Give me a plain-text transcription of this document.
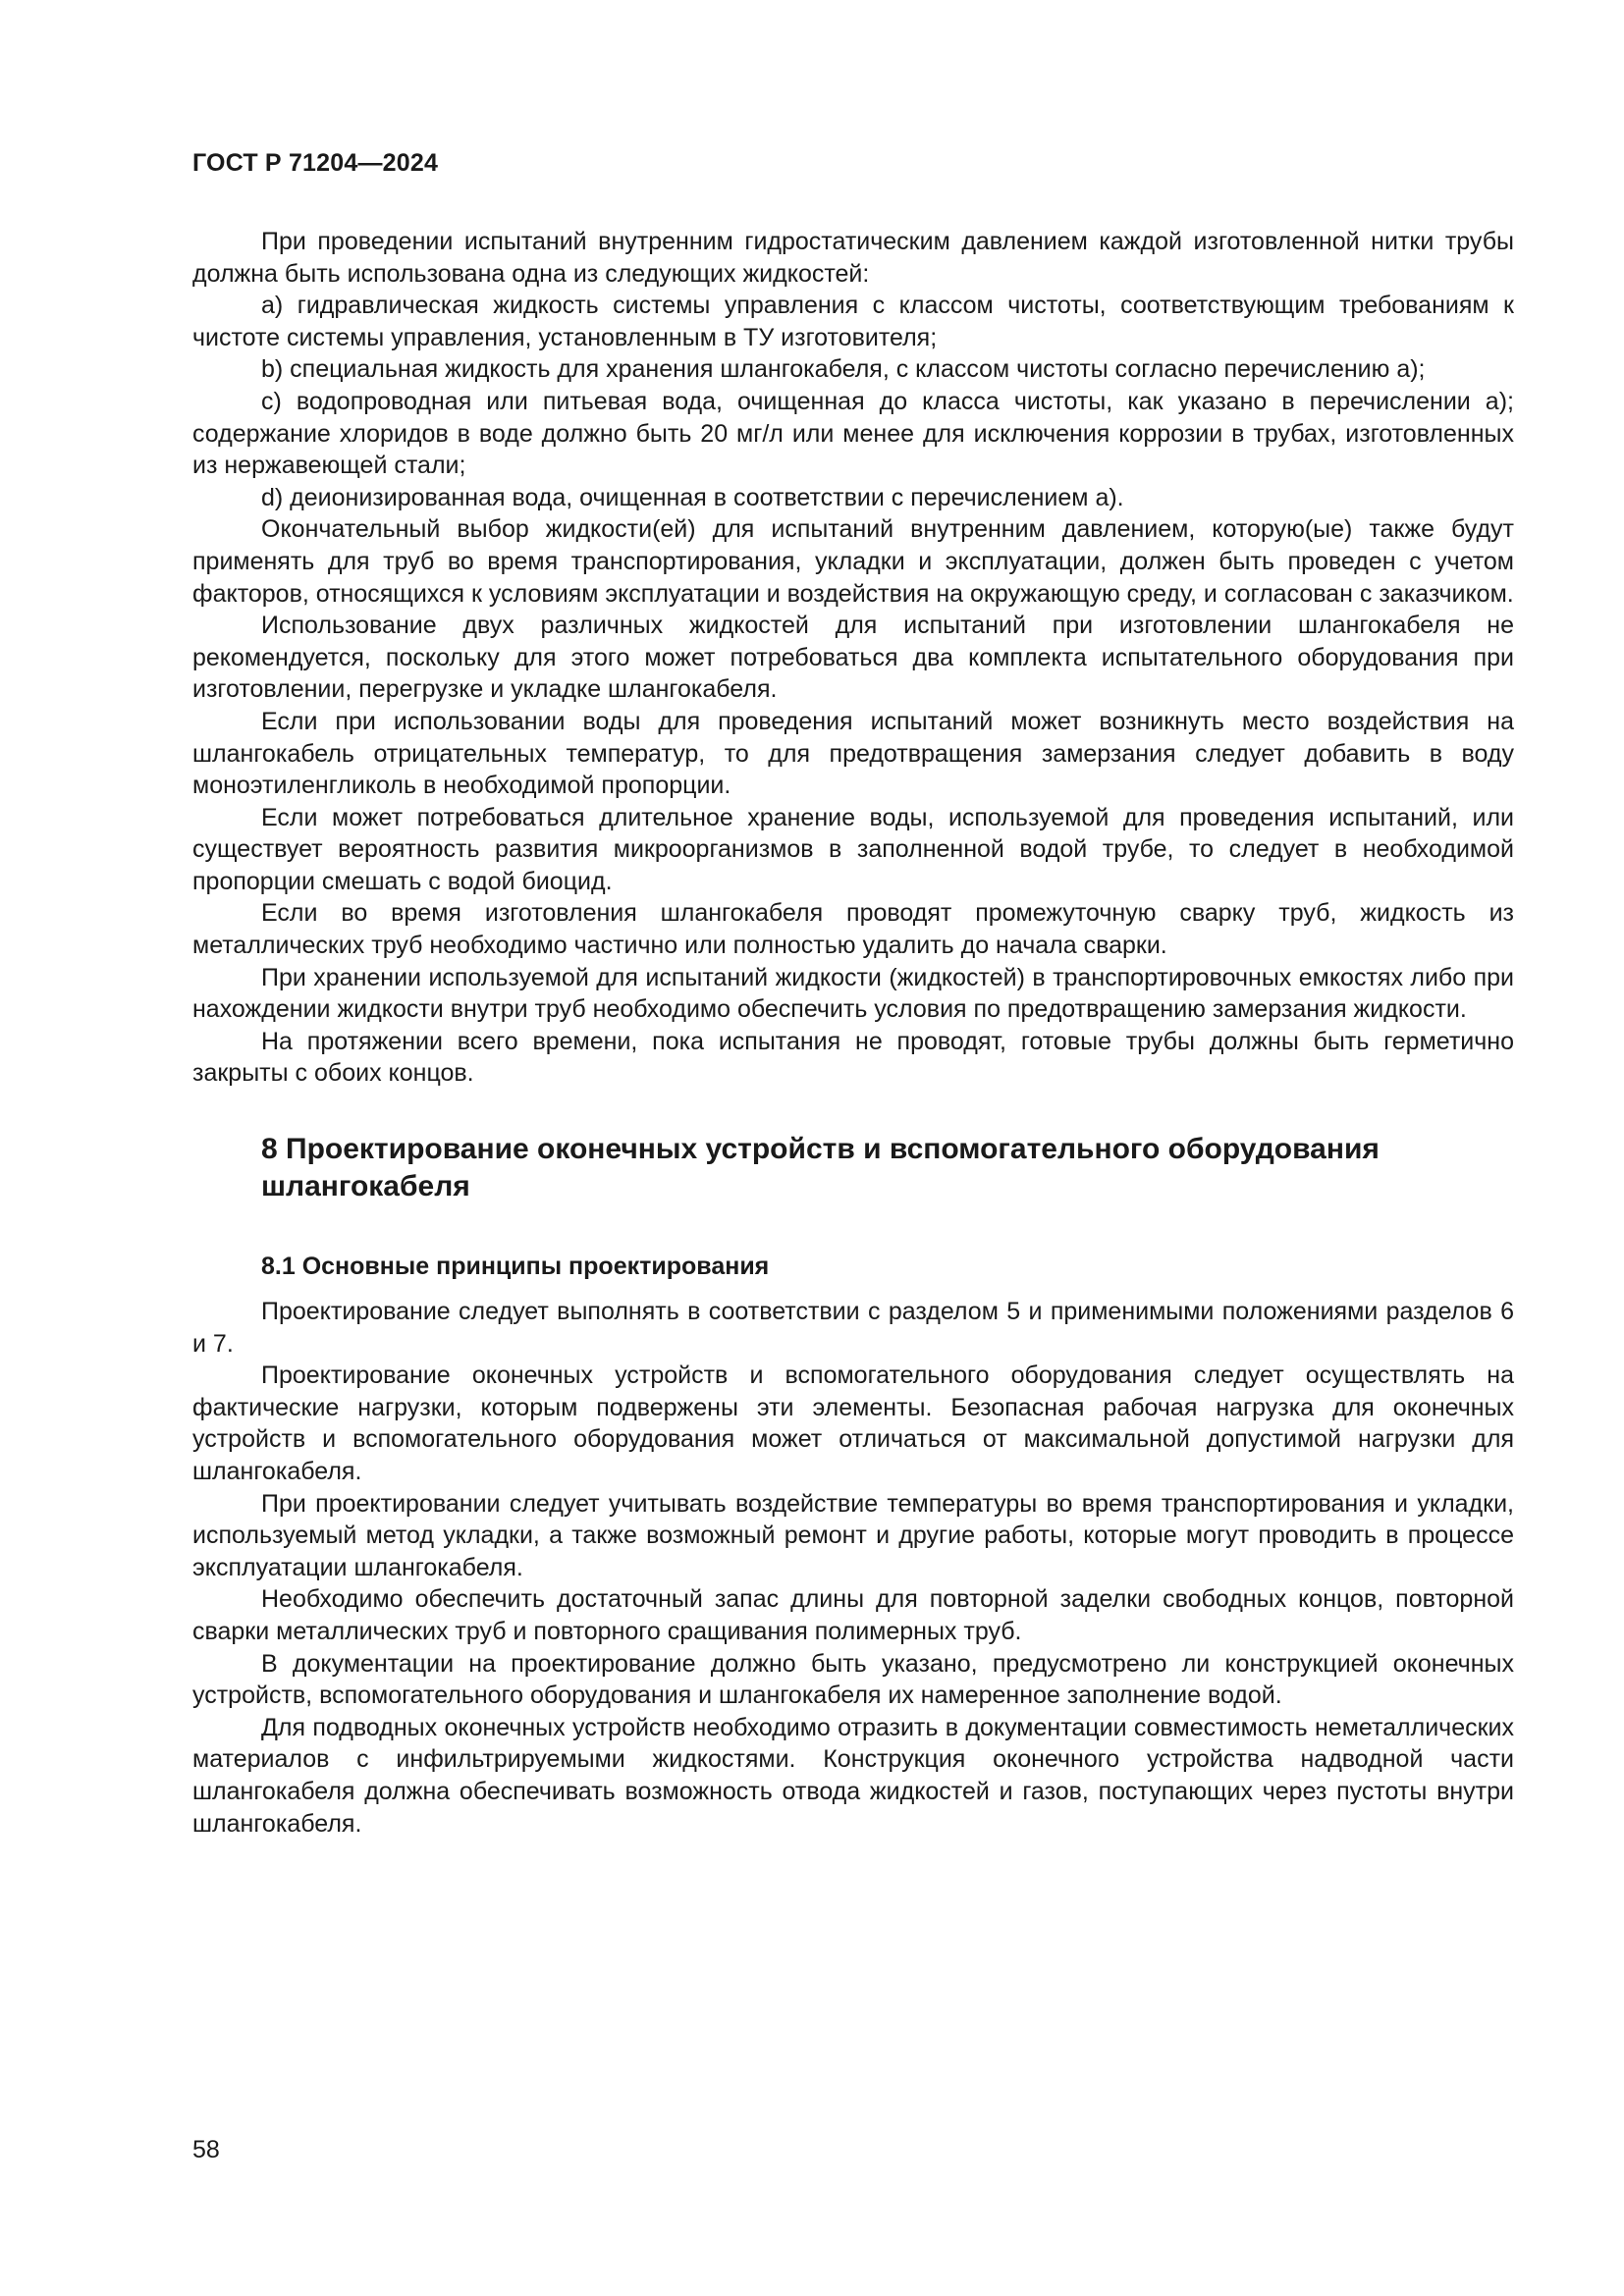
ГОСТ Р 71204—2024

При проведении испытаний внутренним гидростатическим давлением каждой изготовленной нитки трубы должна быть использована одна из следующих жидкостей:

a) гидравлическая жидкость системы управления с классом чистоты, соответствующим требованиям к чистоте системы управления, установленным в ТУ изготовителя;

b) специальная жидкость для хранения шлангокабеля, с классом чистоты согласно перечислению а);

c) водопроводная или питьевая вода, очищенная до класса чистоты, как указано в перечислении а); содержание хлоридов в воде должно быть 20 мг/л или менее для исключения коррозии в трубах, изготовленных из нержавеющей стали;

d) деионизированная вода, очищенная в соответствии с перечислением а).

Окончательный выбор жидкости(ей) для испытаний внутренним давлением, которую(ые) также будут применять для труб во время транспортирования, укладки и эксплуатации, должен быть проведен с учетом факторов, относящихся к условиям эксплуатации и воздействия на окружающую среду, и согласован с заказчиком.

Использование двух различных жидкостей для испытаний при изготовлении шлангокабеля не рекомендуется, поскольку для этого может потребоваться два комплекта испытательного оборудования при изготовлении, перегрузке и укладке шлангокабеля.

Если при использовании воды для проведения испытаний может возникнуть место воздействия на шлангокабель отрицательных температур, то для предотвращения замерзания следует добавить в воду моноэтиленгликоль в необходимой пропорции.

Если может потребоваться длительное хранение воды, используемой для проведения испытаний, или существует вероятность развития микроорганизмов в заполненной водой трубе, то следует в необходимой пропорции смешать с водой биоцид.

Если во время изготовления шлангокабеля проводят промежуточную сварку труб, жидкость из металлических труб необходимо частично или полностью удалить до начала сварки.

При хранении используемой для испытаний жидкости (жидкостей) в транспортировочных емкостях либо при нахождении жидкости внутри труб необходимо обеспечить условия по предотвращению замерзания жидкости.

На протяжении всего времени, пока испытания не проводят, готовые трубы должны быть герметично закрыты с обоих концов.

8 Проектирование оконечных устройств и вспомогательного оборудования шлангокабеля
8.1 Основные принципы проектирования

Проектирование следует выполнять в соответствии с разделом 5 и применимыми положениями разделов 6 и 7.

Проектирование оконечных устройств и вспомогательного оборудования следует осуществлять на фактические нагрузки, которым подвержены эти элементы. Безопасная рабочая нагрузка для оконечных устройств и вспомогательного оборудования может отличаться от максимальной допустимой нагрузки для шлангокабеля.

При проектировании следует учитывать воздействие температуры во время транспортирования и укладки, используемый метод укладки, а также возможный ремонт и другие работы, которые могут проводить в процессе эксплуатации шлангокабеля.

Необходимо обеспечить достаточный запас длины для повторной заделки свободных концов, повторной сварки металлических труб и повторного сращивания полимерных труб.

В документации на проектирование должно быть указано, предусмотрено ли конструкцией оконечных устройств, вспомогательного оборудования и шлангокабеля их намеренное заполнение водой.

Для подводных оконечных устройств необходимо отразить в документации совместимость неметаллических материалов с инфильтрируемыми жидкостями. Конструкция оконечного устройства надводной части шлангокабеля должна обеспечивать возможность отвода жидкостей и газов, поступающих через пустоты внутри шлангокабеля.

58
